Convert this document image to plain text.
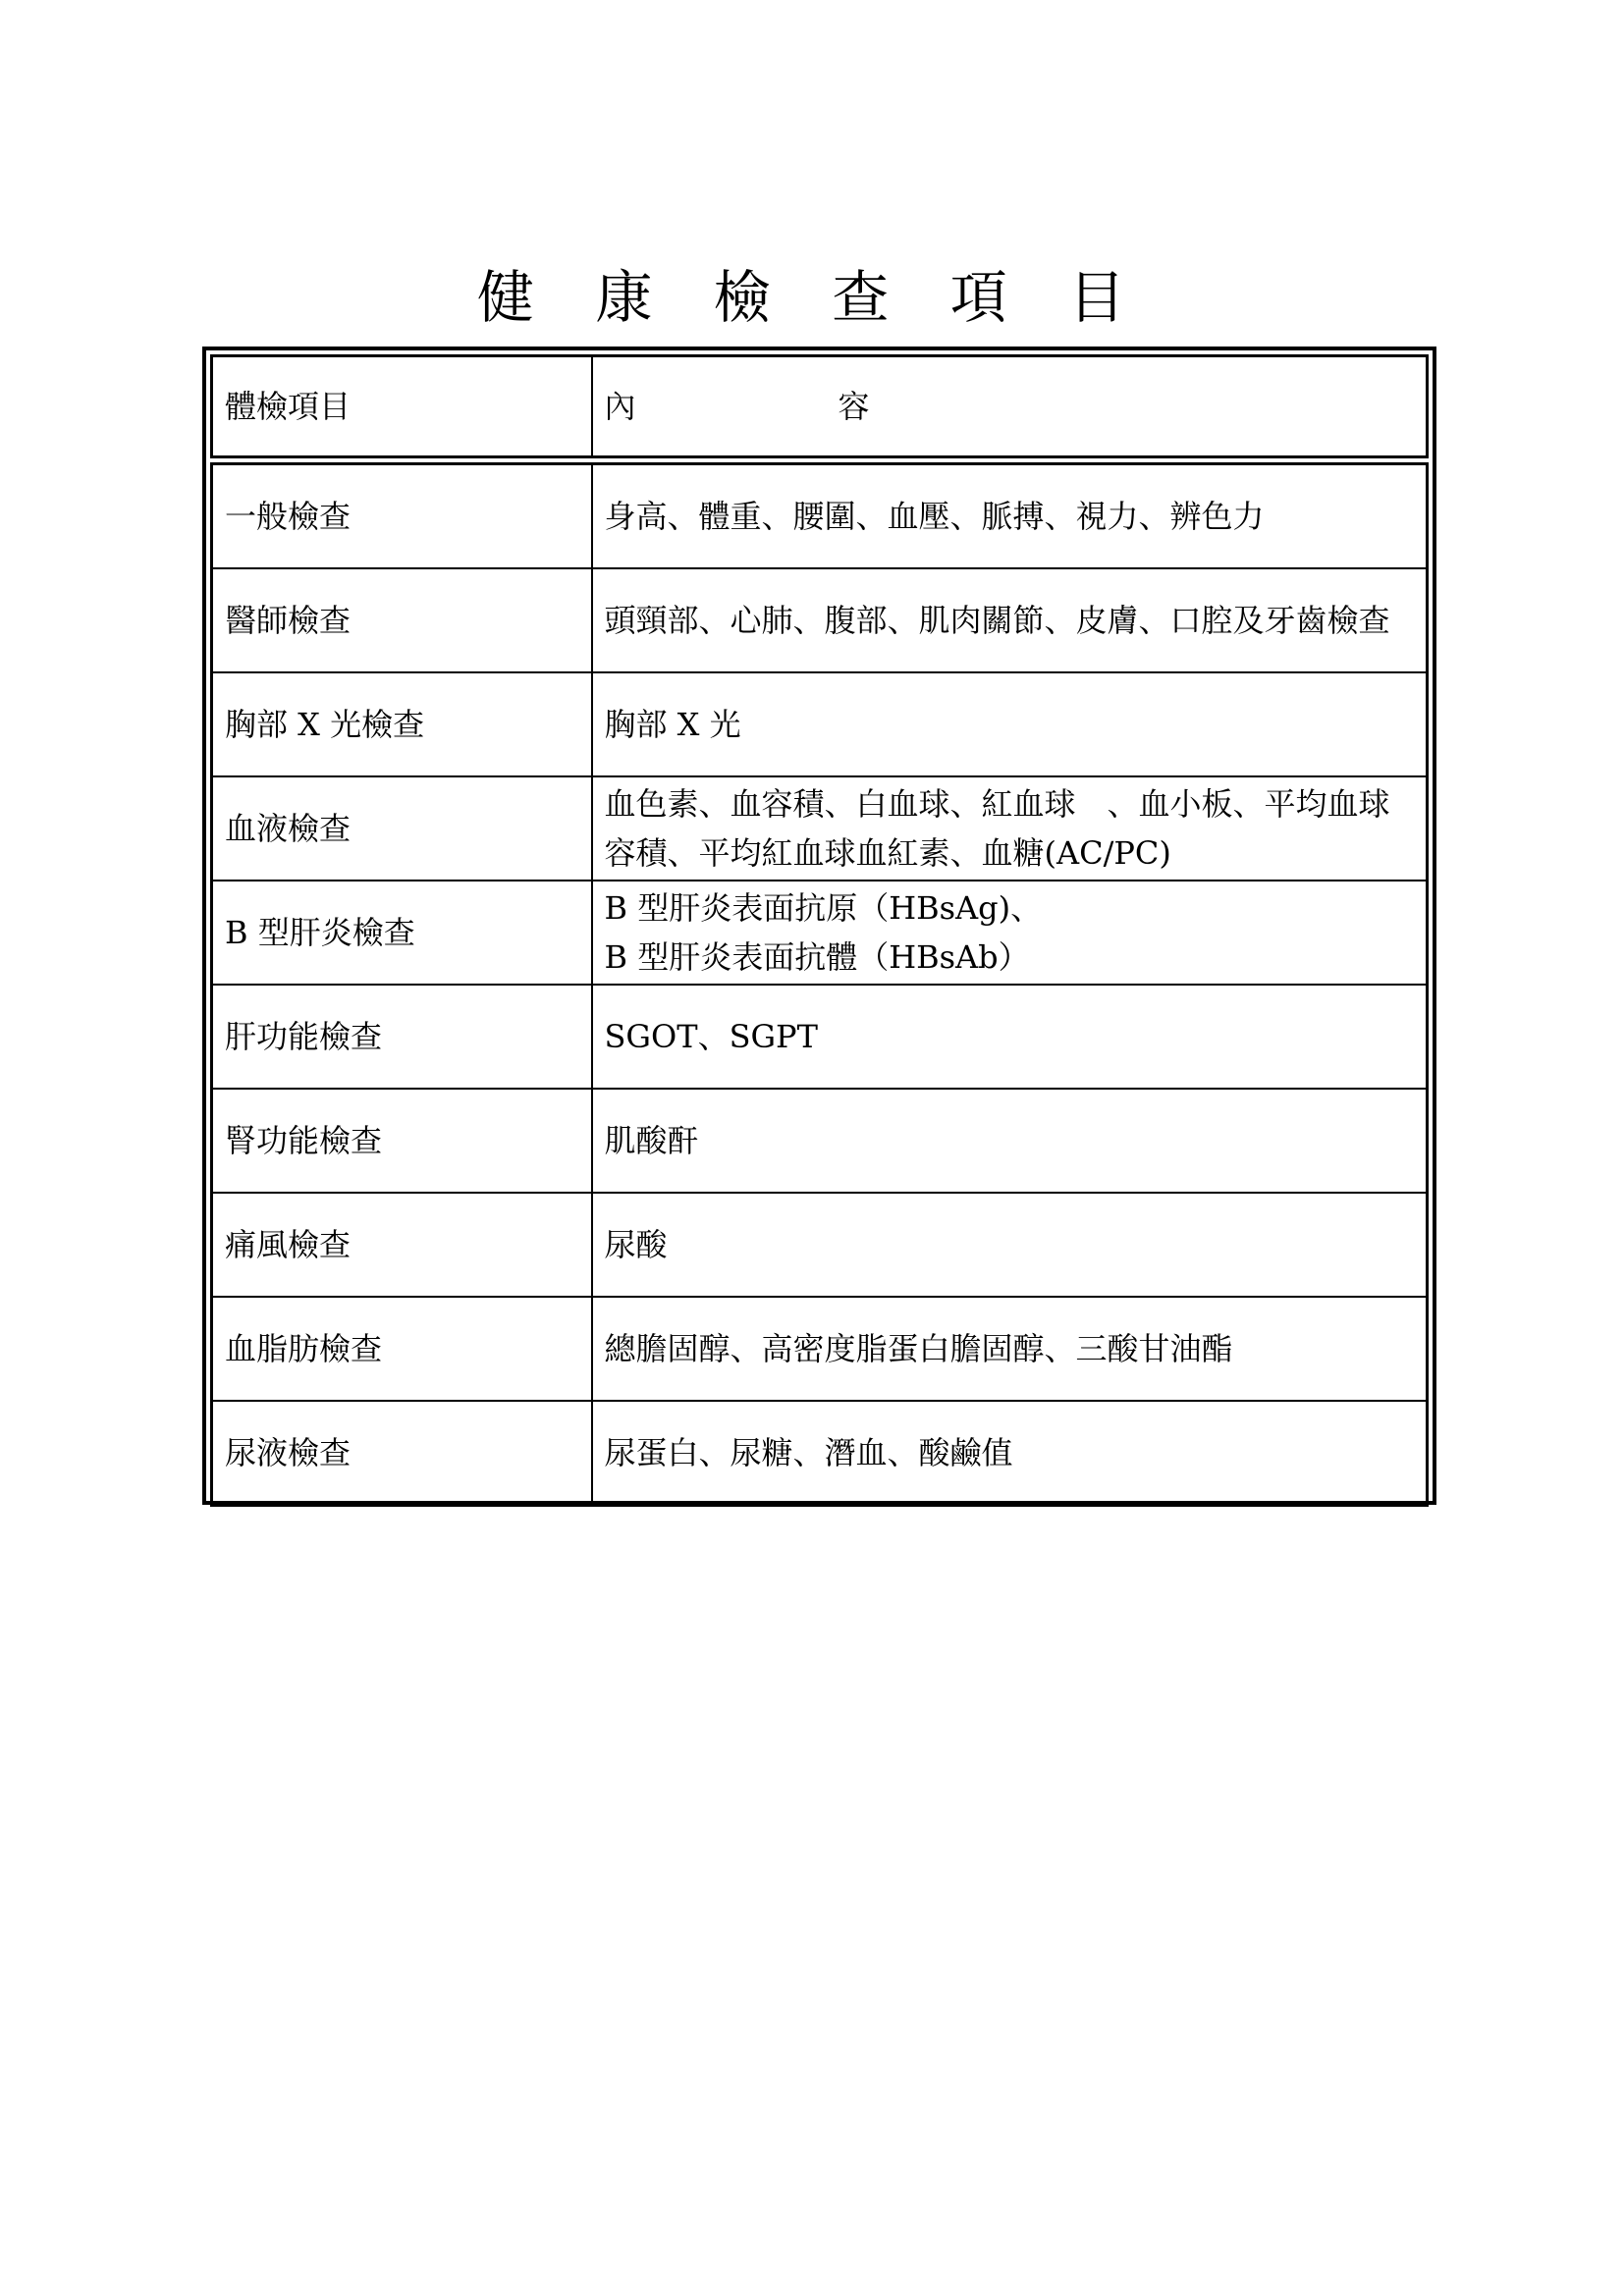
健 康 檢 查 項 目
體檢項目	內 容

一般檢查	身高、體重、腰圍、血壓、脈搏、視力、辨色力

醫師檢查	頭頸部、心肺、腹部、肌肉關節、皮膚、口腔及牙齒檢查

胸部 X 光檢查	胸部 X 光

血液檢查	血色素、血容積、白血球、紅血球　、血小板、平均血球
容積、平均紅血球血紅素、血糖(AC/PC)

B 型肝炎檢查	B 型肝炎表面抗原（HBsAg)、
B 型肝炎表面抗體（HBsAb）

肝功能檢查	SGOT、SGPT

腎功能檢查	肌酸酐

痛風檢查	尿酸

血脂肪檢查	總膽固醇、高密度脂蛋白膽固醇、三酸甘油酯

尿液檢查	尿蛋白、尿糖、潛血、酸鹼值
